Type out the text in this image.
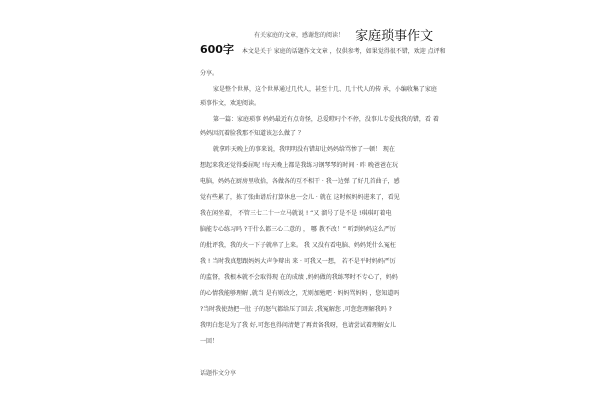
有关家庭的文章，感谢您的阅读！ 家庭琐事作文
600字 本文是关于 家庭的话题作文文章 ，仅供参考，如果觉得很不错，欢迎 点评和
分享。
家是整个世界，这个世界通过几代人，甚至十几、几十代人的传 承，小编收集了家庭
琐事作文，欢迎阅读。
第一篇：家庭琐事 妈妈最近有点奇怪，总爱瞪叼个不停，没事儿专爱找我的错，看 着
妈妈因沉着脸我那不知道该怎么做了 ？
就拿昨天晚上的事来说，我明明没有错却让妈妈给骂惨了一顿！ 现在
想起来我还觉得委屈呢 !每天晚上都是我练习钢琴琴的时间 · 昨 晚爸爸在玩
电脑，妈妈在厨房里收拾，各做各的互不相干 · 我一边弹 了好几首曲子，感
觉有些累了，拣了张曲谱后打算休息一会儿 · 就在 这时候妈妈进来了，看见
我在闲坐着， 不管三七二十一立马就说 ! “又 溜号了是不是 !琪琪叮着电
脑能专心练习吗 ?干什么都三心二意的 ， 哪 教不改！” 听到妈妈这么严厉
的批评我，我的火一下子就串了上来。 我 又没有看电脑、妈妈凭什么冤枉
我 ! 当时我真想跟妈妈大声争辩出 来 · 可我又一想， 若不是平时妈妈严厉
的监督，我根本就不会取得现 在的成绩 ,妈妈做的我练琴时不专心了，妈妈
的心情我能够理解 ,就当 是有则改之，无则加勉吧 · 妈妈骂妈妈 ，您知道吗
?当时我使劲把一肚 子的怒气都给压了回去 ,我冤解您 ,可您您理解我吗 ?
我明白您是为了我 好,可您也得问清楚了再责备我呀，也请尝试着理解女儿
一回！
话题作文分享
